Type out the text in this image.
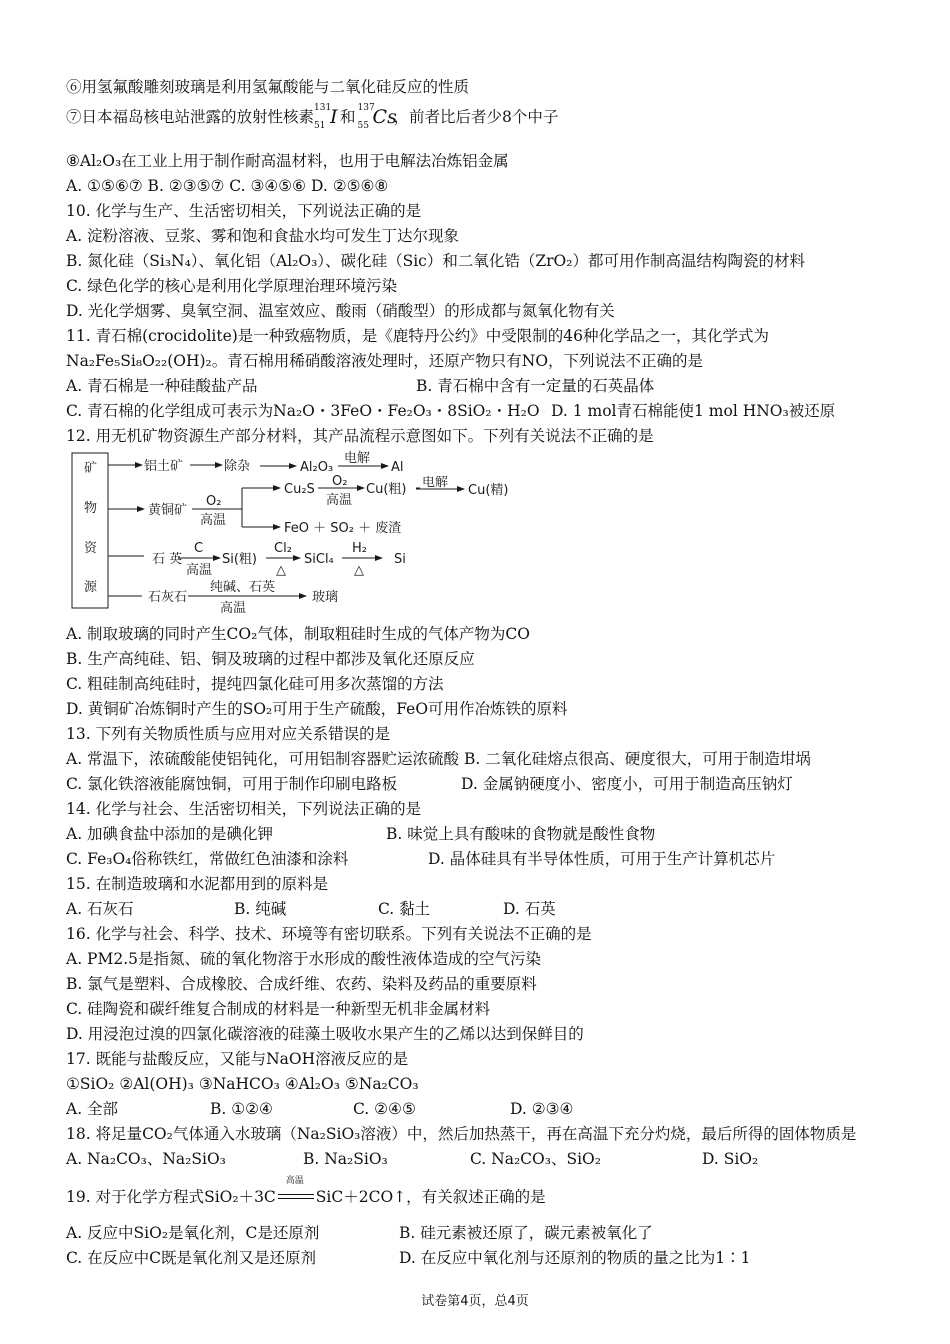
⑥用氢氟酸雕刻玻璃是利用氢氟酸能与二氧化硅反应的性质
⑦日本福岛核电站泄露的放射性核素 131
51 I 和 137
55 Cs
，前者比后者少8个中子
⑧Al₂O₃在工业上用于制作耐高温材料，也用于电解法冶炼铝金属
A. ①⑤⑥⑦ B. ②③⑤⑦ C. ③④⑤⑥ D. ②⑤⑥⑧
10. 化学与生产、生活密切相关，下列说法正确的是
A. 淀粉溶液、豆浆、雾和饱和食盐水均可发生丁达尔现象
B. 氮化硅（Si₃N₄）、氧化铝（Al₂O₃）、碳化硅（Sic）和二氧化锆（ZrO₂）都可用作制高温结构陶瓷的材料
C. 绿色化学的核心是利用化学原理治理环境污染
D. 光化学烟雾、臭氧空洞、温室效应、酸雨（硝酸型）的形成都与氮氧化物有关
11. 青石棉(crocidolite)是一种致癌物质，是《鹿特丹公约》中受限制的46种化学品之一，其化学式为
Na₂Fe₅Si₈O₂₂(OH)₂。青石棉用稀硝酸溶液处理时，还原产物只有NO，下列说法不正确的是
A. 青石棉是一种硅酸盐产品	B. 青石棉中含有一定量的石英晶体
C. 青石棉的化学组成可表示为Na₂O・3FeO・Fe₂O₃・8SiO₂・H₂O D. 1 mol青石棉能使1 mol HNO₃被还原
12. 用无机矿物资源生产部分材料，其产品流程示意图如下。下列有关说法不正确的是
矿
物
资
源
铝土矿	除杂	Al₂O₃
电解
Al
黄铜矿
O₂
高温
Cu₂S
O₂
高温
Cu(粗)
FeO ＋ SO₂ ＋ 废渣
石 英
C
高温
Si(粗)
Cl₂
△
SiCl₄
H₂
△
Si
石灰石
纯碱、石英
高温
玻璃
电解
Cu(精)
A. 制取玻璃的同时产生CO₂气体，制取粗硅时生成的气体产物为CO
B. 生产高纯硅、铝、铜及玻璃的过程中都涉及氧化还原反应
C. 粗硅制高纯硅时，提纯四氯化硅可用多次蒸馏的方法
D. 黄铜矿冶炼铜时产生的SO₂可用于生产硫酸，FeO可用作冶炼铁的原料
13. 下列有关物质性质与应用对应关系错误的是
A. 常温下，浓硫酸能使铝钝化，可用铝制容器贮运浓硫酸 B. 二氧化硅熔点很高、硬度很大，可用于制造坩埚
C. 氯化铁溶液能腐蚀铜，可用于制作印刷电路板	D. 金属钠硬度小、密度小，可用于制造高压钠灯
14. 化学与社会、生活密切相关，下列说法正确的是
A. 加碘食盐中添加的是碘化钾	B. 味觉上具有酸味的食物就是酸性食物
C. Fe₃O₄俗称铁红，常做红色油漆和涂料	D. 晶体硅具有半导体性质，可用于生产计算机芯片
15. 在制造玻璃和水泥都用到的原料是
A. 石灰石	B. 纯碱	C. 黏土	D. 石英
16. 化学与社会、科学、技术、环境等有密切联系。下列有关说法不正确的是
A. PM2.5是指氮、硫的氧化物溶于水形成的酸性液体造成的空气污染
B. 氯气是塑料、合成橡胶、合成纤维、农药、染料及药品的重要原料
C. 硅陶瓷和碳纤维复合制成的材料是一种新型无机非金属材料
D. 用浸泡过溴的四氯化碳溶液的硅藻土吸收水果产生的乙烯以达到保鲜目的
17. 既能与盐酸反应，又能与NaOH溶液反应的是
①SiO₂ ②Al(OH)₃ ③NaHCO₃ ④Al₂O₃ ⑤Na₂CO₃
A. 全部	B. ①②④	C. ②④⑤	D. ②③④
18. 将足量CO₂气体通入水玻璃（Na₂SiO₃溶液）中，然后加热蒸干，再在高温下充分灼烧，最后所得的固体物质是
A. Na₂CO₃、Na₂SiO₃	B. Na₂SiO₃	C. Na₂CO₃、SiO₂	D. SiO₂
19. 对于化学方程式SiO₂＋3C
高温
SiC＋2CO↑，有关叙述正确的是
A. 反应中SiO₂是氧化剂，C是还原剂	B. 硅元素被还原了，碳元素被氧化了
C. 在反应中C既是氧化剂又是还原剂	D. 在反应中氧化剂与还原剂的物质的量之比为1∶1
试卷第4页，总4页
